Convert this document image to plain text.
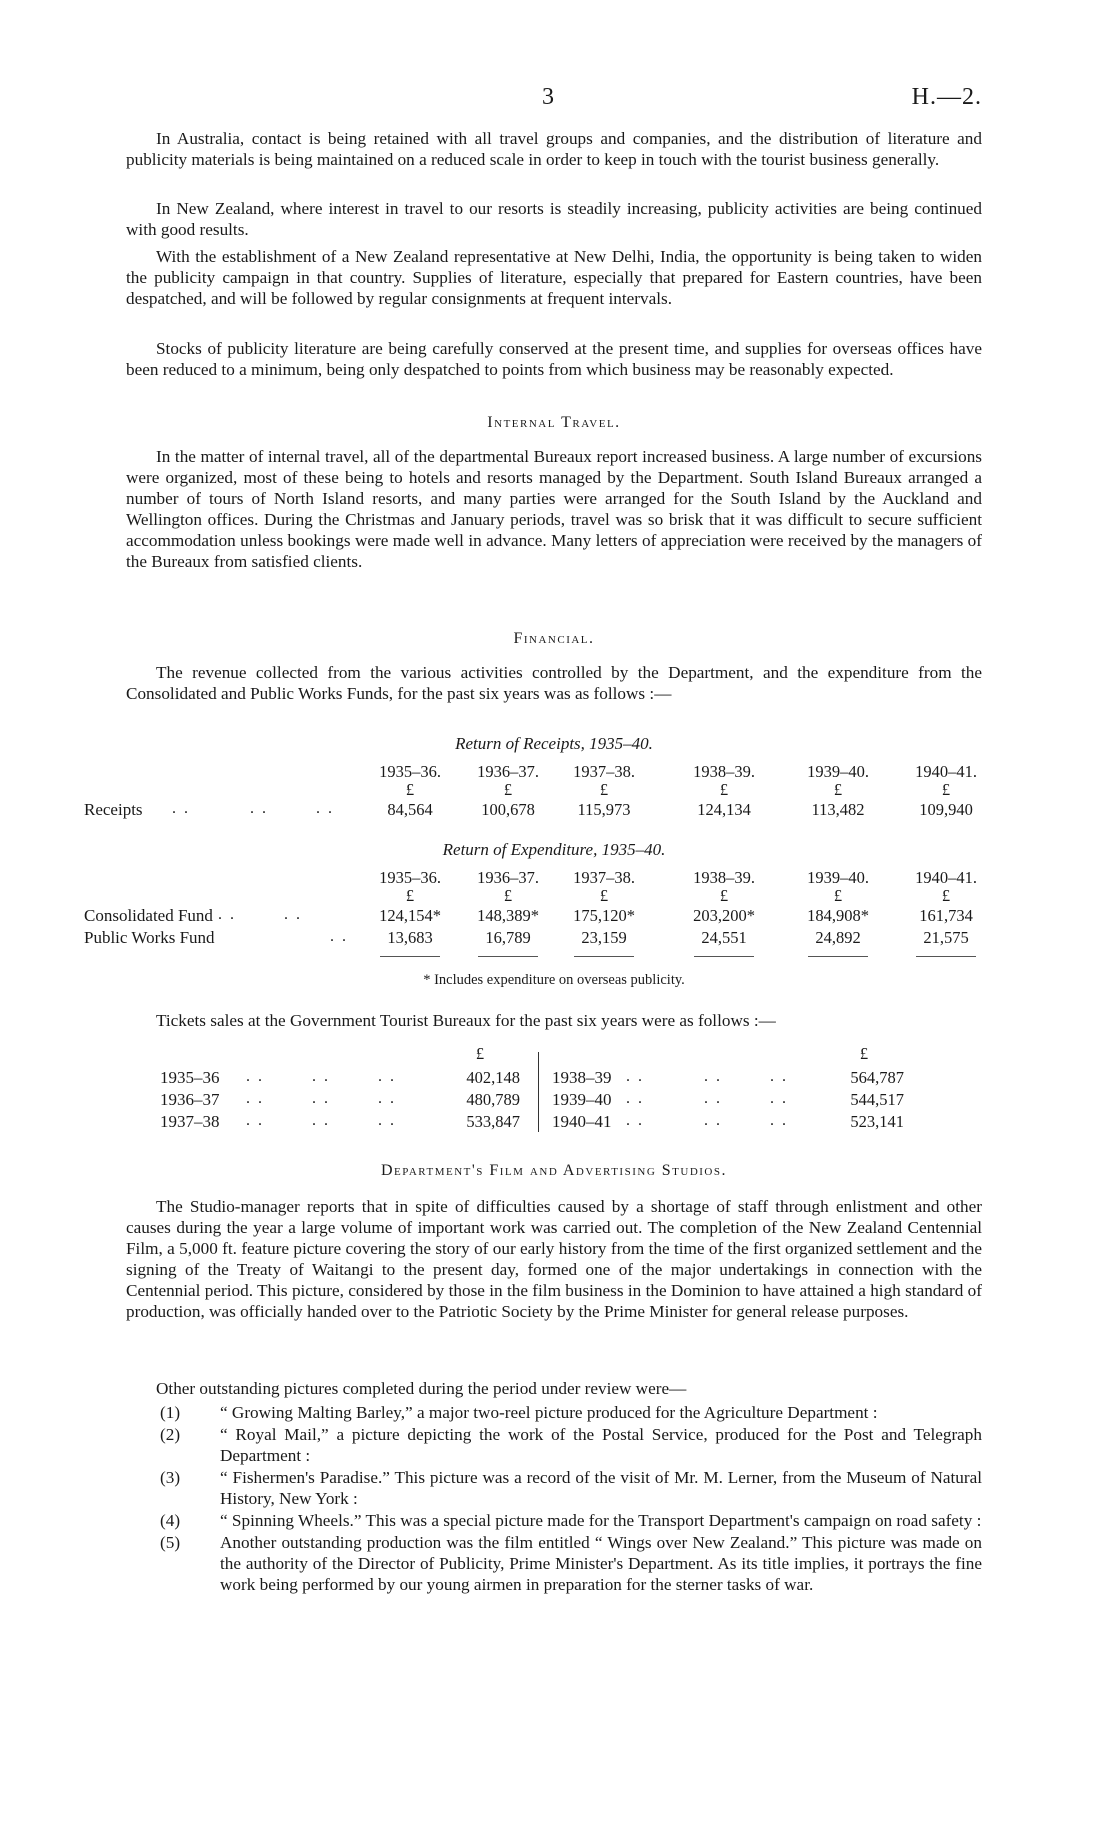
3	H.—2.

In Australia, contact is being retained with all travel groups and companies, and the distribution of literature and publicity materials is being maintained on a reduced scale in order to keep in touch with the tourist business generally.

In New Zealand, where interest in travel to our resorts is steadily increasing, publicity activities are being continued with good results.

With the establishment of a New Zealand representative at New Delhi, India, the opportunity is being taken to widen the publicity campaign in that country. Supplies of literature, especially that prepared for Eastern countries, have been despatched, and will be followed by regular consignments at frequent intervals.

Stocks of publicity literature are being carefully conserved at the present time, and supplies for overseas offices have been reduced to a minimum, being only despatched to points from which business may be reasonably expected.

Internal Travel.

In the matter of internal travel, all of the departmental Bureaux report increased business. A large number of excursions were organized, most of these being to hotels and resorts managed by the Department. South Island Bureaux arranged a number of tours of North Island resorts, and many parties were arranged for the South Island by the Auckland and Wellington offices. During the Christmas and January periods, travel was so brisk that it was difficult to secure sufficient accommodation unless bookings were made well in advance. Many letters of appreciation were received by the managers of the Bureaux from satisfied clients.

Financial.

The revenue collected from the various activities controlled by the Department, and the expenditure from the Consolidated and Public Works Funds, for the past six years was as follows :—

Return of Receipts, 1935–40.

1935–36.	1936–37.	1937–38.	1938–39.	1939–40.	1940–41.
£	£	£	£	£	£
Receipts . .          . .        . .	84,564	100,678	115,973	124,134	113,482	109,940

Return of Expenditure, 1935–40.

1935–36.	1936–37.	1937–38.	1938–39.	1939–40.	1940–41.
£	£	£	£	£	£
Consolidated Fund . .        . .	124,154*	148,389*	175,120*	203,200*	184,908*	161,734
Public Works Fund	. .	13,683	16,789	23,159	24,551	24,892	21,575

* Includes expenditure on overseas publicity.

Tickets sales at the Government Tourist Bureaux for the past six years were as follows :—

£	£
1935–36 . .        . .        . .	402,148 1938–39 . .          . .        . .	564,787
1936–37 . .        . .        . .	480,789 1939–40 . .          . .        . .	544,517
1937–38 . .        . .        . .	533,847 1940–41 . .          . .        . .	523,141

Department's Film and Advertising Studios.

The Studio-manager reports that in spite of difficulties caused by a shortage of staff through enlistment and other causes during the year a large volume of important work was carried out. The completion of the New Zealand Centennial Film, a 5,000 ft. feature picture covering the story of our early history from the time of the first organized settlement and the signing of the Treaty of Waitangi to the present day, formed one of the major undertakings in connection with the Centennial period. This picture, considered by those in the film business in the Dominion to have attained a high standard of production, was officially handed over to the Patriotic Society by the Prime Minister for general release purposes.

Other outstanding pictures completed during the period under review were—

(1)	“ Growing Malting Barley,” a major two-reel picture produced for the Agriculture Department :
(2)	“ Royal Mail,” a picture depicting the work of the Postal Service, produced for the Post and Telegraph Department :
(3)	“ Fishermen's Paradise.” This picture was a record of the visit of Mr. M. Lerner, from the Museum of Natural History, New York :
(4)	“ Spinning Wheels.” This was a special picture made for the Transport Department's campaign on road safety :
(5)	Another outstanding production was the film entitled “ Wings over New Zealand.” This picture was made on the authority of the Director of Publicity, Prime Minister's Department. As its title implies, it portrays the fine work being performed by our young airmen in preparation for the sterner tasks of war.
